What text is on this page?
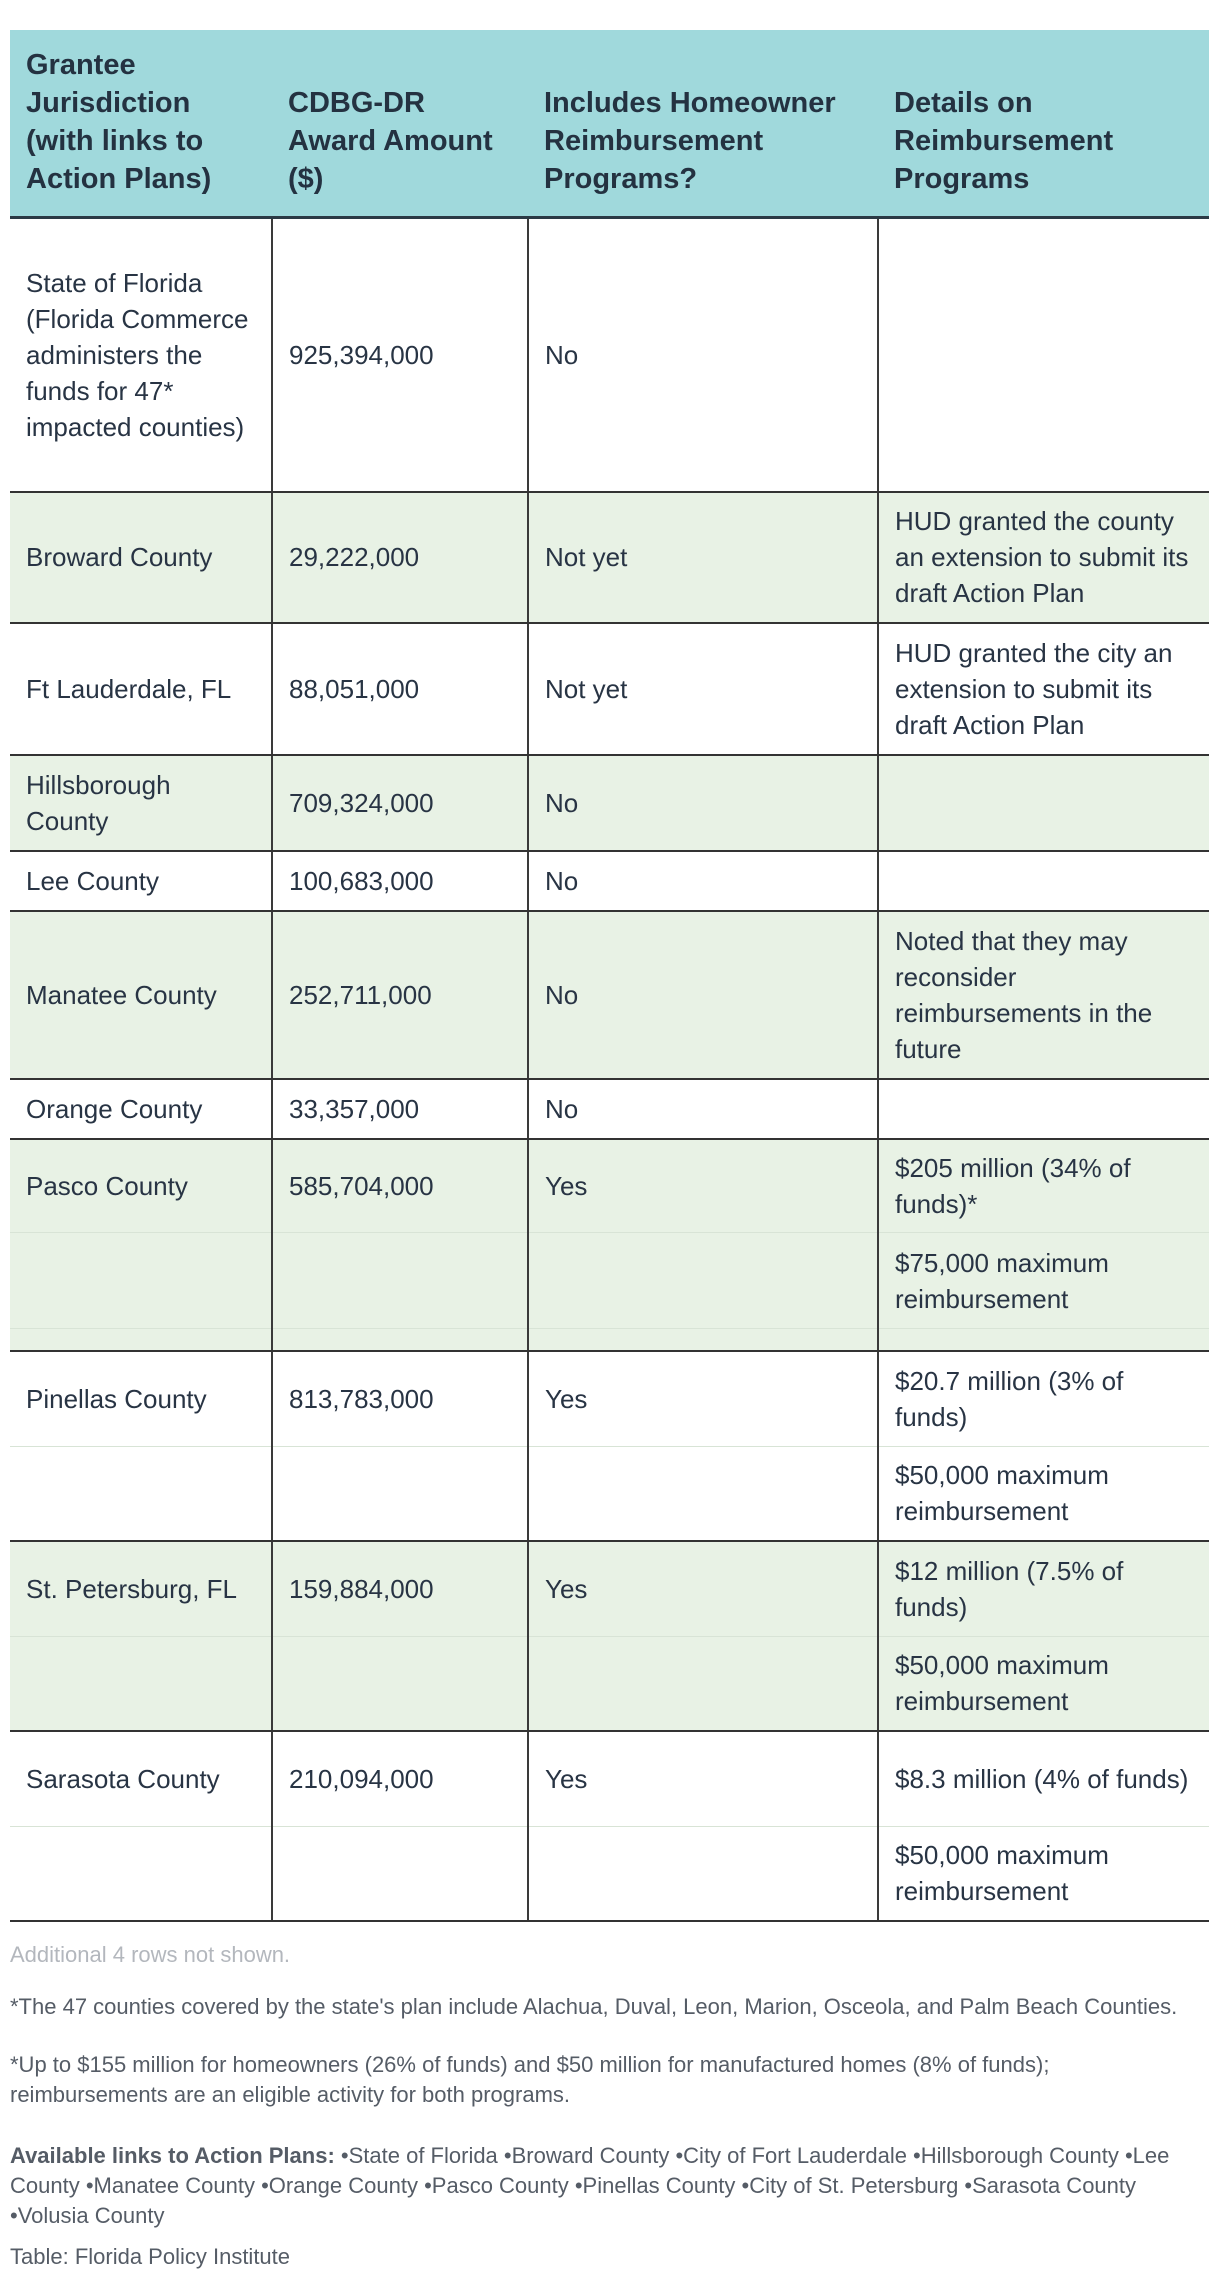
Grantee Jurisdiction (with links to Action Plans)	CDBG-DR Award Amount ($)	Includes Homeowner Reimbursement Programs?	Details on Reimbursement Programs
State of Florida (Florida Commerce administers the funds for 47* impacted counties)	925,394,000	No	
Broward County	29,222,000	Not yet	HUD granted the county an extension to submit its draft Action Plan
Ft Lauderdale, FL	88,051,000	Not yet	HUD granted the city an extension to submit its draft Action Plan
Hillsborough County	709,324,000	No	
Lee County	100,683,000	No	
Manatee County	252,711,000	No	Noted that they may reconsider reimbursements in the future
Orange County	33,357,000	No	
Pasco County	585,704,000	Yes	$205 million (34% of funds)*
			$75,000 maximum reimbursement

Pinellas County	813,783,000	Yes	$20.7 million (3% of funds)
			$50,000 maximum reimbursement
St. Petersburg, FL	159,884,000	Yes	$12 million (7.5% of funds)
			$50,000 maximum reimbursement
Sarasota County	210,094,000	Yes	$8.3 million (4% of funds)
			$50,000 maximum reimbursement
Additional 4 rows not shown.
*The 47 counties covered by the state's plan include Alachua, Duval, Leon, Marion, Osceola, and Palm Beach Counties.
*Up to $155 million for homeowners (26% of funds) and $50 million for manufactured homes (8% of funds); reimbursements are an eligible activity for both programs.
Available links to Action Plans: •State of Florida •Broward County •City of Fort Lauderdale •Hillsborough County •Lee County •Manatee County •Orange County •Pasco County •Pinellas County •City of St. Petersburg •Sarasota County •Volusia County
Table: Florida Policy Institute
